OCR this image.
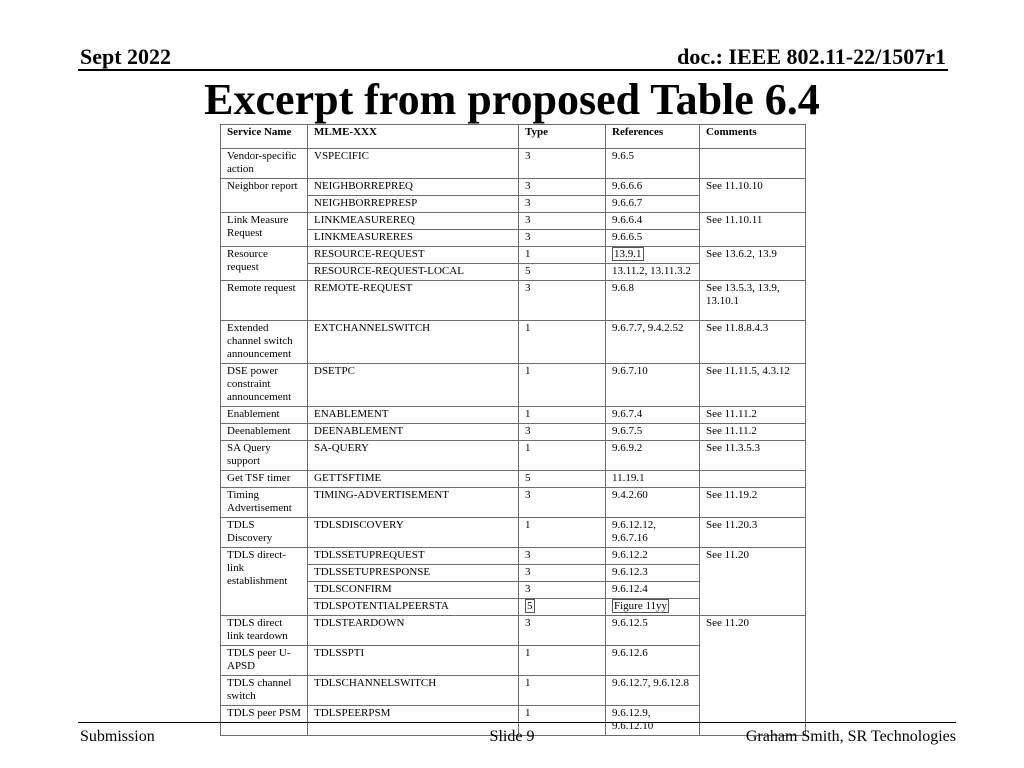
Sept 2022	doc.: IEEE 802.11-22/1507r1
Excerpt from proposed Table 6.4
Service Name	MLME-XXX	Type	References	Comments
Vendor-specific action	VSPECIFIC	3	9.6.5	
Neighbor report	NEIGHBORREPREQ	3	9.6.6.6	See 11.10.10
	NEIGHBORREPRESP	3	9.6.6.7	
Link Measure Request	LINKMEASUREREQ	3	9.6.6.4	See 11.10.11
	LINKMEASURERES	3	9.6.6.5	
Resource request	RESOURCE-REQUEST	1	13.9.1	See 13.6.2, 13.9
	RESOURCE-REQUEST-LOCAL	5	13.11.2, 13.11.3.2	
Remote request	REMOTE-REQUEST	3	9.6.8	See 13.5.3, 13.9, 13.10.1
Extended channel switch announcement	EXTCHANNELSWITCH	1	9.6.7.7, 9.4.2.52	See 11.8.8.4.3
DSE power constraint announcement	DSETPC	1	9.6.7.10	See 11.11.5, 4.3.12
Enablement	ENABLEMENT	1	9.6.7.4	See 11.11.2
Deenablement	DEENABLEMENT	3	9.6.7.5	See 11.11.2
SA Query support	SA-QUERY	1	9.6.9.2	See 11.3.5.3
Get TSF timer	GETTSFTIME	5	11.19.1	
Timing Advertisement	TIMING-ADVERTISEMENT	3	9.4.2.60	See 11.19.2
TDLS Discovery	TDLSDISCOVERY	1	9.6.12.12, 9.6.7.16	See 11.20.3
TDLS direct-link establishment	TDLSSETUPREQUEST	3	9.6.12.2	See 11.20
	TDLSSETUPRESPONSE	3	9.6.12.3	
	TDLSCONFIRM	3	9.6.12.4	
	TDLSPOTENTIALPEERSTA	5	Figure 11yy	
TDLS direct link teardown	TDLSTEARDOWN	3	9.6.12.5	See 11.20
TDLS peer U-APSD	TDLSSPTI	1	9.6.12.6	
TDLS channel switch	TDLSCHANNELSWITCH	1	9.6.12.7, 9.6.12.8	
TDLS peer PSM	TDLSPEERPSM	1	9.6.12.9, 9.6.12.10	
Submission	Slide 9	Graham Smith, SR Technologies
